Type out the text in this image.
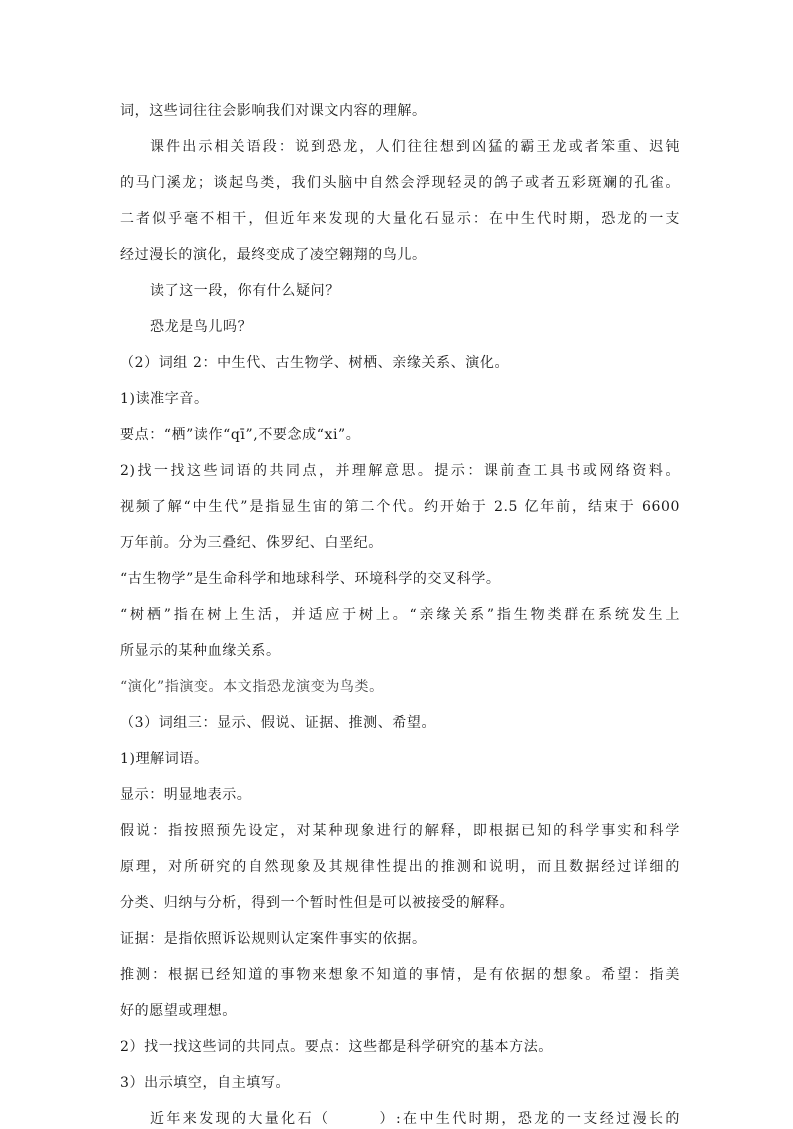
词，这些词往往会影响我们对课文内容的理解。
课件出示相关语段：说到恐龙，人们往往想到凶猛的霸王龙或者笨重、迟钝
的马门溪龙；谈起鸟类，我们头脑中自然会浮现轻灵的鸽子或者五彩斑斓的孔雀。
二者似乎毫不相干，但近年来发现的大量化石显示：在中生代时期，恐龙的一支
经过漫长的演化，最终变成了凌空翱翔的鸟儿。
读了这一段，你有什么疑问？
恐龙是鸟儿吗？
（2）词组 2：中生代、古生物学、树栖、亲缘关系、演化。
1)读准字音。
要点：“栖”读作“qī”,不要念成“xi”。
2)找一找这些词语的共同点，并理解意思。提示：课前查工具书或网络资料。
视频了解“中生代”是指显生宙的第二个代。约开始于 2.5 亿年前，结束于 6600
万年前。分为三叠纪、侏罗纪、白垩纪。
“古生物学”是生命科学和地球科学、环境科学的交叉科学。
“树栖”指在树上生活，并适应于树上。“亲缘关系”指生物类群在系统发生上
所显示的某种血缘关系。
“演化”指演变。本文指恐龙演变为鸟类。
（3）词组三：显示、假说、证据、推测、希望。
1)理解词语。
显示：明显地表示。
假说：指按照预先设定，对某种现象进行的解释，即根据已知的科学事实和科学
原理，对所研究的自然现象及其规律性提出的推测和说明，而且数据经过详细的
分类、归纳与分析，得到一个暂时性但是可以被接受的解释。
证据：是指依照诉讼规则认定案件事实的依据。
推测：根据已经知道的事物来想象不知道的事情，是有依据的想象。希望：指美
好的愿望或理想。
2）找一找这些词的共同点。要点：这些都是科学研究的基本方法。
3）出示填空，自主填写。
近年来发现的大量化石（　　　）:在中生代时期，恐龙的一支经过漫长的
